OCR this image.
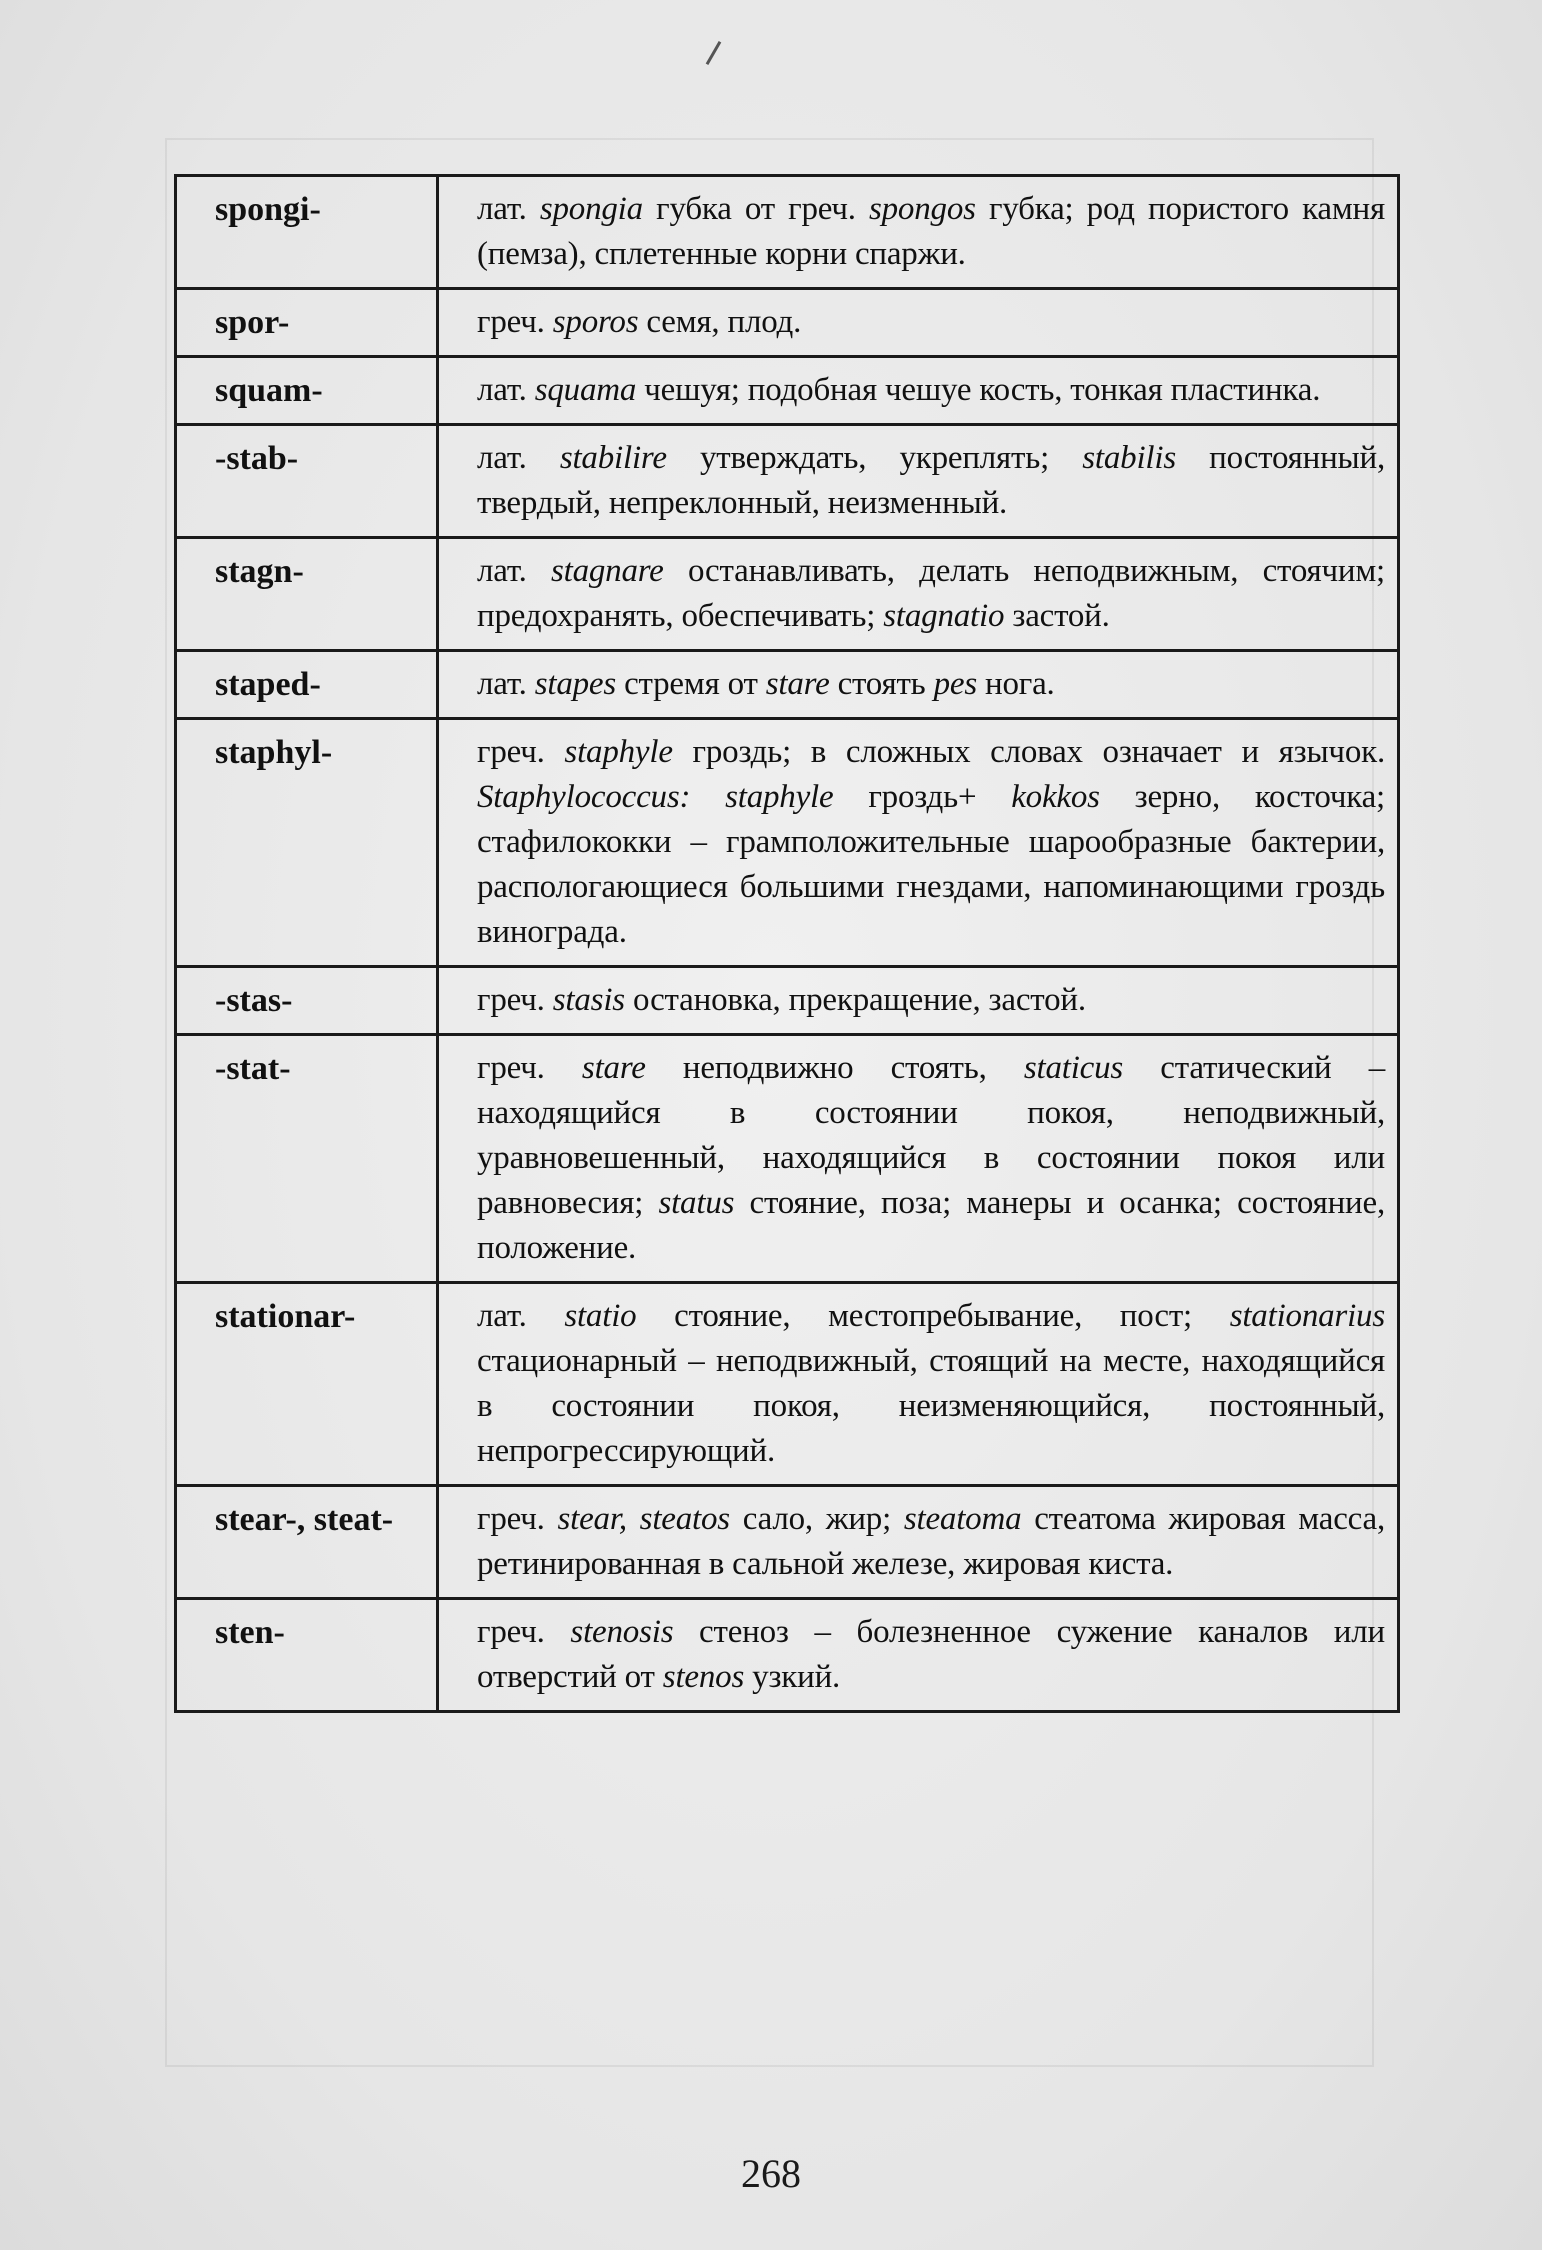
spongi-	лат. spongia губка от греч. spongos губка; род пористого камня (пемза), сплетенные корни спаржи.
spor-	греч. sporos семя, плод.
squam-	лат. squama чешуя; подобная чешуе кость, тонкая пластинка.
-stab-	лат. stabilire утверждать, укреплять; stabilis постоянный, твердый, непреклонный, неизменный.
stagn-	лат. stagnare останавливать, делать неподвижным, стоячим; предохранять, обеспечивать; stagnatio застой.
staped-	лат. stapes стремя от stare стоять pes нога.
staphyl-	греч. staphyle гроздь; в сложных словах означает и язычок. Staphylococcus: staphyle гроздь+ kokkos зерно, косточка; стафилококки – грамположительные шарообразные бактерии, распологающиеся большими гнездами, напоминающими гроздь винограда.
-stas-	греч. stasis остановка, прекращение, застой.
-stat-	греч. stare неподвижно стоять, staticus статический – находящийся в состоянии покоя, неподвижный, уравновешенный, находящийся в состоянии покоя или равновесия; status стояние, поза; манеры и осанка; состояние, положение.
stationar-	лат. statio стояние, местопребывание, пост; stationarius стационарный – неподвижный, стоящий на месте, находящийся в состоянии покоя, неизменяющийся, постоянный, непрогрессирующий.
stear-, steat-	греч. stear, steatos сало, жир; steatoma стеатома жировая масса, ретинированная в сальной железе, жировая киста.
sten-	греч. stenosis стеноз – болезненное сужение каналов или отверстий от stenos узкий.
268
